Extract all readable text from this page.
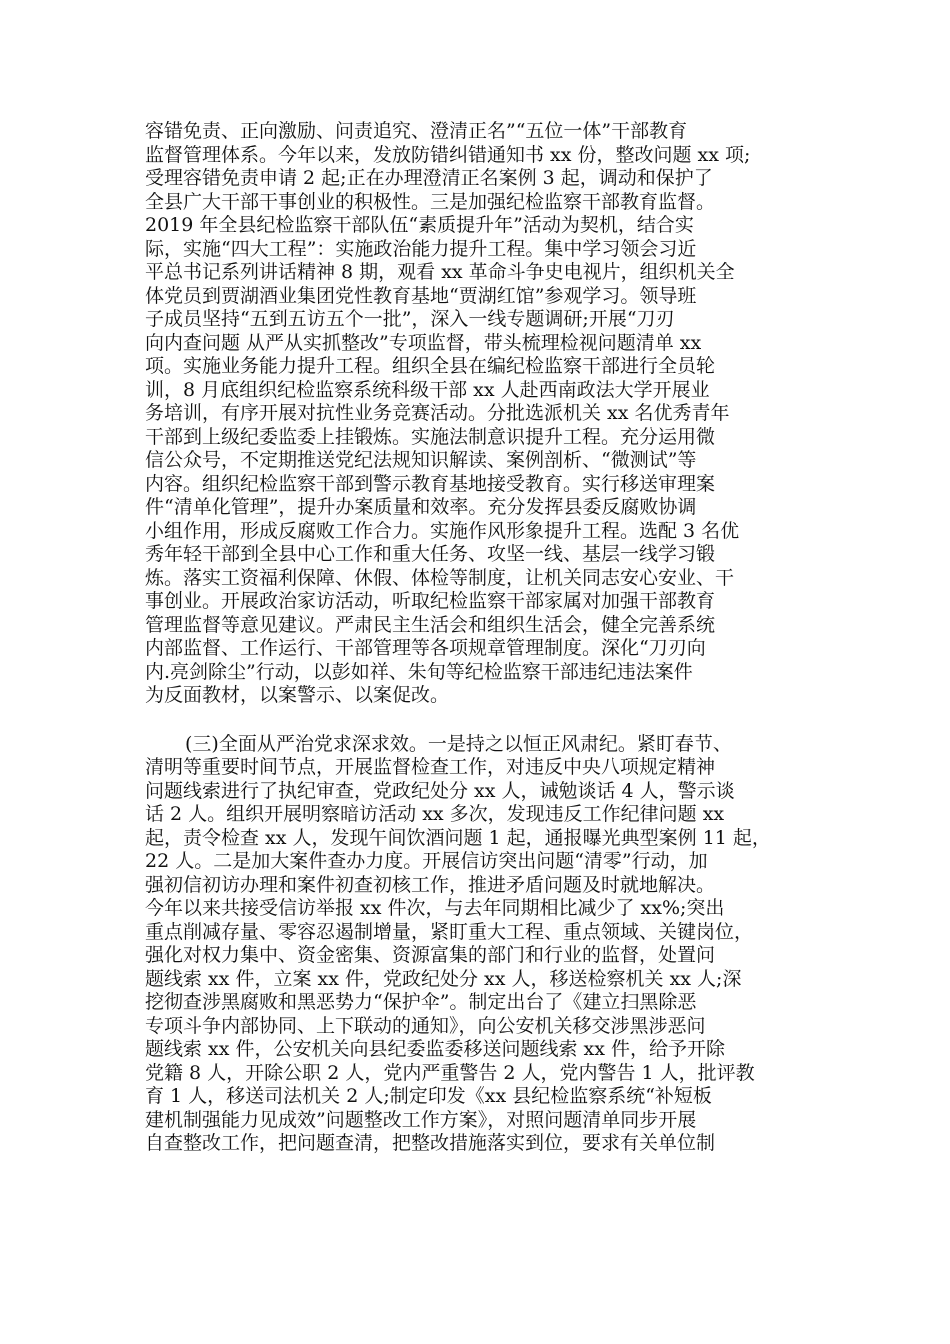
容错免责、正向激励、问责追究、澄清正名”“五位一体”干部教育
监督管理体系。今年以来，发放防错纠错通知书 xx 份，整改问题 xx 项;
受理容错免责申请 2 起;正在办理澄清正名案例 3 起，调动和保护了
全县广大干部干事创业的积极性。三是加强纪检监察干部教育监督。
2019 年全县纪检监察干部队伍“素质提升年”活动为契机，结合实
际，实施“四大工程”：实施政治能力提升工程。集中学习领会习近
平总书记系列讲话精神 8 期，观看 xx 革命斗争史电视片，组织机关全
体党员到贾湖酒业集团党性教育基地“贾湖红馆”参观学习。领导班
子成员坚持“五到五访五个一批”，深入一线专题调研;开展“刀刃
向内查问题 从严从实抓整改”专项监督，带头梳理检视问题清单 xx
项。实施业务能力提升工程。组织全县在编纪检监察干部进行全员轮
训，8 月底组织纪检监察系统科级干部 xx 人赴西南政法大学开展业
务培训，有序开展对抗性业务竞赛活动。分批选派机关 xx 名优秀青年
干部到上级纪委监委上挂锻炼。实施法制意识提升工程。充分运用微
信公众号，不定期推送党纪法规知识解读、案例剖析、“微测试”等
内容。组织纪检监察干部到警示教育基地接受教育。实行移送审理案
件“清单化管理”，提升办案质量和效率。充分发挥县委反腐败协调
小组作用，形成反腐败工作合力。实施作风形象提升工程。选配 3 名优
秀年轻干部到全县中心工作和重大任务、攻坚一线、基层一线学习锻
炼。落实工资福利保障、休假、体检等制度，让机关同志安心安业、干
事创业。开展政治家访活动，听取纪检监察干部家属对加强干部教育
管理监督等意见建议。严肃民主生活会和组织生活会，健全完善系统
内部监督、工作运行、干部管理等各项规章管理制度。深化“刀刃向
内.亮剑除尘”行动，以彭如祥、朱旬等纪检监察干部违纪违法案件
为反面教材，以案警示、以案促改。
(三)全面从严治党求深求效。一是持之以恒正风肃纪。紧盯春节、
清明等重要时间节点，开展监督检查工作，对违反中央八项规定精神
问题线索进行了执纪审查，党政纪处分 xx 人，诫勉谈话 4 人，警示谈
话 2 人。组织开展明察暗访活动 xx 多次，发现违反工作纪律问题 xx
起，责令检查 xx 人，发现午间饮酒问题 1 起，通报曝光典型案例 11 起，
22 人。二是加大案件查办力度。开展信访突出问题“清零”行动，加
强初信初访办理和案件初查初核工作，推进矛盾问题及时就地解决。
今年以来共接受信访举报 xx 件次，与去年同期相比减少了 xx%;突出
重点削减存量、零容忍遏制增量，紧盯重大工程、重点领域、关键岗位，
强化对权力集中、资金密集、资源富集的部门和行业的监督，处置问
题线索 xx 件，立案 xx 件，党政纪处分 xx 人，移送检察机关 xx 人;深
挖彻查涉黑腐败和黑恶势力“保护伞”。制定出台了《建立扫黑除恶
专项斗争内部协同、上下联动的通知》，向公安机关移交涉黑涉恶问
题线索 xx 件，公安机关向县纪委监委移送问题线索 xx 件，给予开除
党籍 8 人，开除公职 2 人，党内严重警告 2 人，党内警告 1 人，批评教
育 1 人，移送司法机关 2 人;制定印发《xx 县纪检监察系统“补短板
建机制强能力见成效”问题整改工作方案》，对照问题清单同步开展
自查整改工作，把问题查清，把整改措施落实到位，要求有关单位制
